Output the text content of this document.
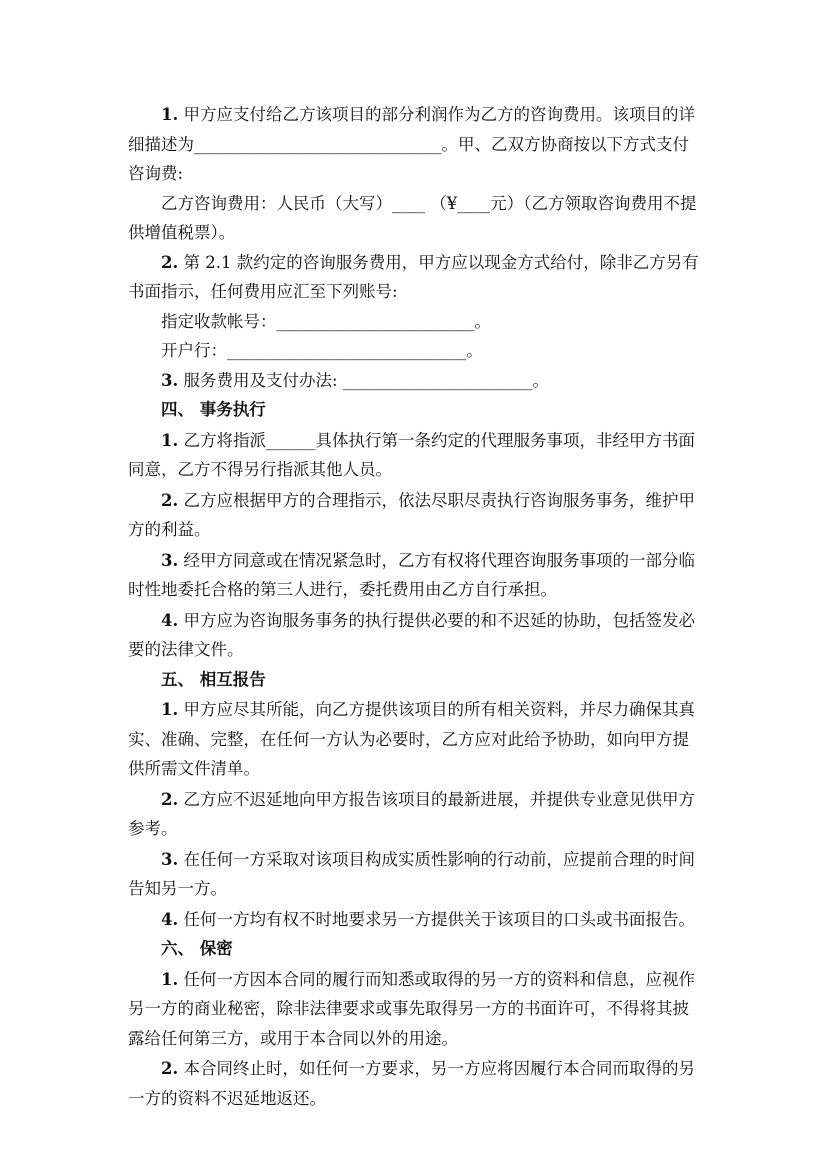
1. 甲方应支付给乙方该项目的部分利润作为乙方的咨询费用。该项目的详细描述为______________________________。甲、乙双方协商按以下方式支付咨询费:

乙方咨询费用：人民币（大写）____ （¥____元）（乙方领取咨询费用不提供增值税票）。

2. 第 2.1 款约定的咨询服务费用，甲方应以现金方式给付，除非乙方另有书面指示，任何费用应汇至下列账号:

指定收款帐号：________________________。

开户行：_____________________________。

3. 服务费用及支付办法: _______________________。

四、 事务执行

1. 乙方将指派______具体执行第一条约定的代理服务事项，非经甲方书面同意，乙方不得另行指派其他人员。

2. 乙方应根据甲方的合理指示，依法尽职尽责执行咨询服务事务，维护甲方的利益。

3. 经甲方同意或在情况紧急时，乙方有权将代理咨询服务事项的一部分临时性地委托合格的第三人进行，委托费用由乙方自行承担。

4. 甲方应为咨询服务事务的执行提供必要的和不迟延的协助，包括签发必要的法律文件。

五、 相互报告

1. 甲方应尽其所能，向乙方提供该项目的所有相关资料，并尽力确保其真实、准确、完整，在任何一方认为必要时，乙方应对此给予协助，如向甲方提供所需文件清单。

2. 乙方应不迟延地向甲方报告该项目的最新进展，并提供专业意见供甲方参考。

3. 在任何一方采取对该项目构成实质性影响的行动前，应提前合理的时间告知另一方。

4. 任何一方均有权不时地要求另一方提供关于该项目的口头或书面报告。

六、 保密

1. 任何一方因本合同的履行而知悉或取得的另一方的资料和信息，应视作另一方的商业秘密，除非法律要求或事先取得另一方的书面许可，不得将其披露给任何第三方，或用于本合同以外的用途。

2. 本合同终止时，如任何一方要求，另一方应将因履行本合同而取得的另一方的资料不迟延地返还。
